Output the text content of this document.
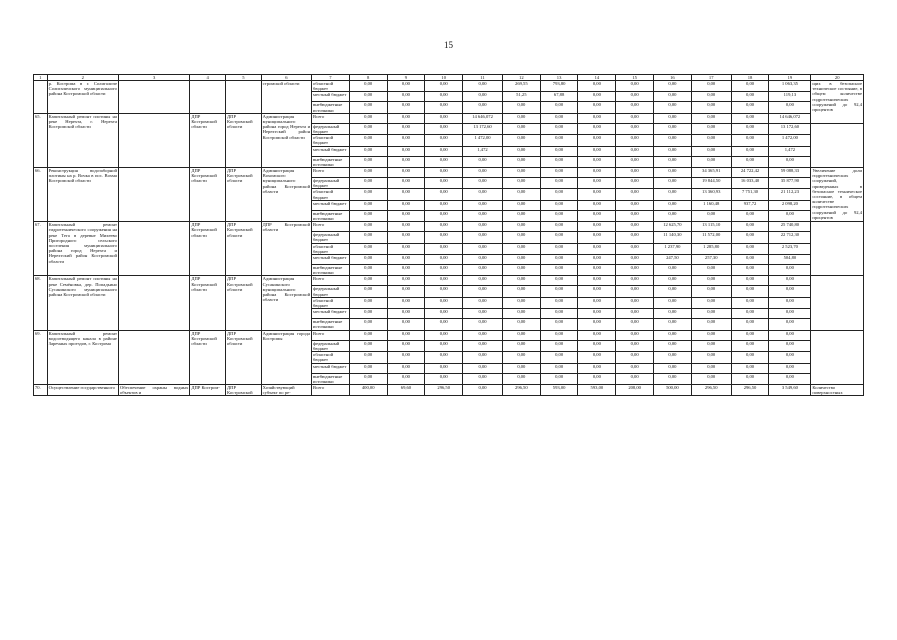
15
1	2	3	4	5	6	7	8	9	10	11	12	13	14	15	16	17	18	19	20
	р. Кострома в г. Солигаличе Солигаличского муниципального района Костромской области				стромской области	областной бюджет	0,00	0,00	0,00	0,00	269,55	793,80	0,00	0,00	0,00	0,00	0,00	1 063,35	щих в безопасное техническое состояние, в общем количестве гидротехнических сооружений до 92,4 процентов
						местный бюджет	0,00	0,00	0,00	0,00	51,25	67,88	0,00	0,00	0,00	0,00	0,00	119,13	
						внебюджетные источники	0,00	0,00	0,00	0,00	0,00	0,00	0,00	0,00	0,00	0,00	0,00	0,00	
65.	Капитальный ремонт плотины на реке Нерехта, г. Нерехта Костромской области		ДПР Костромской области	ДПР Костромской области	Администрация муниципального района город Нерехта и Нерехтский район Костромской области	Всего	0,00	0,00	0,00	14 646,072	0,00	0,00	0,00	0,00	0,00	0,00	0,00	14 646,072	
						федеральный бюджет	0,00	0,00	0,00	13 172,60	0,00	0,00	0,00	0,00	0,00	0,00	0,00	13 172,60	
						областной бюджет	0,00	0,00	0,00	1 472,00	0,00	0,00	0,00	0,00	0,00	0,00	0,00	1 472,00	
						местный бюджет	0,00	0,00	0,00	1,472	0,00	0,00	0,00	0,00	0,00	0,00	0,00	1,472	
						внебюджетные источники	0,00	0,00	0,00	0,00	0,00	0,00	0,00	0,00	0,00	0,00	0,00	0,00	
66.	Реконструкция водозаборной плотины на р. Вочка в пос. Вохма Костромской области		ДПР Костромской области	ДПР Костромской области	Администрация Вохомского муниципального района Костромской области	Всего	0,00	0,00	0,00	0,00	0,00	0,00	0,00	0,00	0,00	34 365,91	24 722,42	59 088,33	Увеличение доли гидротехнических сооружений, приведенных в безопасное техническое состояние, в общем количестве гидротехнических сооружений до 92,4 процентов
						федеральный бюджет	0,00	0,00	0,00	0,00	0,00	0,00	0,00	0,00	0,00	19 844,50	16 033,40	35 877,90	
						областной бюджет	0,00	0,00	0,00	0,00	0,00	0,00	0,00	0,00	0,00	13 360,93	7 751,30	21 112,23	
						местный бюджет	0,00	0,00	0,00	0,00	0,00	0,00	0,00	0,00	0,00	1 160,48	937,72	2 098,20	
						внебюджетные источники	0,00	0,00	0,00	0,00	0,00	0,00	0,00	0,00	0,00	0,00	0,00	0,00	
67.	Капитальный ремонт гидротехнического сооружения на реке Тега в деревне Михеево Пригородного сельского поселения муниципального района город Нерехта и Нерехтский район Костромской области		ДПР Костромской области	ДПР Костромской области	ДПР Костромской области	Всего	0,00	0,00	0,00	0,00	0,00	0,00	0,00	0,00	12 625,70	13 115,10	0,00	25 740,80	
						федеральный бюджет	0,00	0,00	0,00	0,00	0,00	0,00	0,00	0,00	11 140,30	11 572,00	0,00	22 712,30	
						областной бюджет	0,00	0,00	0,00	0,00	0,00	0,00	0,00	0,00	1 237,90	1 285,80	0,00	2 523,70	
						местный бюджет	0,00	0,00	0,00	0,00	0,00	0,00	0,00	0,00	247,50	257,30	0,00	504,80	
						внебюджетные источники	0,00	0,00	0,00	0,00	0,00	0,00	0,00	0,00	0,00	0,00	0,00	0,00	
68.	Капитальный ремонт плотины на реке Семёновка, дер. Попадьино Сусанинского муниципального района Костромской области		ДПР Костромской области	ДПР Костромской области	Администрация Сусанинского муниципального района Костромской области	Всего	0,00	0,00	0,00	0,00	0,00	0,00	0,00	0,00	0,00	0,00	0,00	0,00	
						федеральный бюджет	0,00	0,00	0,00	0,00	0,00	0,00	0,00	0,00	0,00	0,00	0,00	0,00	
						областной бюджет	0,00	0,00	0,00	0,00	0,00	0,00	0,00	0,00	0,00	0,00	0,00	0,00	
						местный бюджет	0,00	0,00	0,00	0,00	0,00	0,00	0,00	0,00	0,00	0,00	0,00	0,00	
						внебюджетные источники	0,00	0,00	0,00	0,00	0,00	0,00	0,00	0,00	0,00	0,00	0,00	0,00	
69.	Капитальный ремонт водоотводящего канала в районе Заречных проездов, г. Кострома		ДПР Костромской области	ДПР Костромской области	Администрация города Костромы	Всего	0,00	0,00	0,00	0,00	0,00	0,00	0,00	0,00	0,00	0,00	0,00	0,00	
						федеральный бюджет	0,00	0,00	0,00	0,00	0,00	0,00	0,00	0,00	0,00	0,00	0,00	0,00	
						областной бюджет	0,00	0,00	0,00	0,00	0,00	0,00	0,00	0,00	0,00	0,00	0,00	0,00	
						местный бюджет	0,00	0,00	0,00	0,00	0,00	0,00	0,00	0,00	0,00	0,00	0,00	0,00	
						внебюджетные источники	0,00	0,00	0,00	0,00	0,00	0,00	0,00	0,00	0,00	0,00	0,00	0,00	
70.	Осуществление государственного	Обеспечение охраны водных объектов и	ДПР Костром-	ДПР Костромской	Хозяйствующий субъект по ре-	Всего	400,00	69,60	296,50	0,00	296,50	593,00	593,00	208,00	500,00	296,50	296,50	3 549,60	Количество поверхностных
